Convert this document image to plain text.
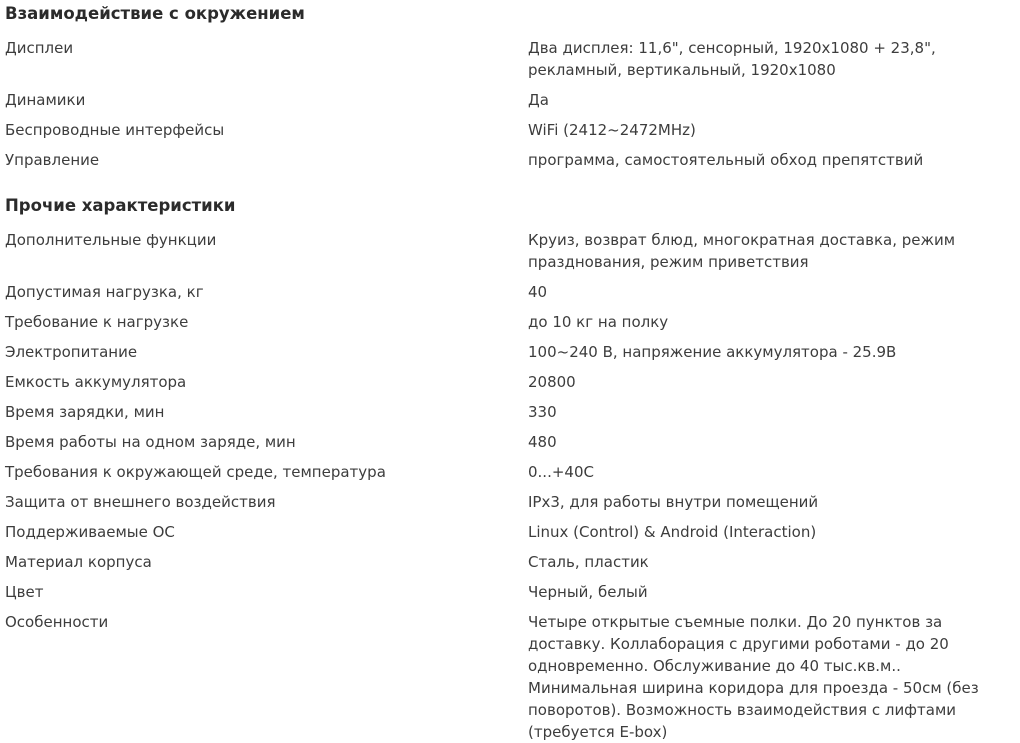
Взаимодействие с окружением
Дисплеи	Два дисплея: 11,6", сенсорный, 1920x1080 + 23,8", рекламный, вертикальный, 1920x1080
Динамики	Да
Беспроводные интерфейсы	WiFi (2412~2472MHz)
Управление	программа, самостоятельный обход препятствий
Прочие характеристики
Дополнительные функции	Круиз, возврат блюд, многократная доставка, режим празднования, режим приветствия
Допустимая нагрузка, кг	40
Требование к нагрузке	до 10 кг на полку
Электропитание	100~240 В, напряжение аккумулятора - 25.9В
Емкость аккумулятора	20800
Время зарядки, мин	330
Время работы на одном заряде, мин	480
Требования к окружающей среде, температура	0...+40С
Защита от внешнего воздействия	IPx3, для работы внутри помещений
Поддерживаемые ОС	Linux (Control) & Android (Interaction)
Материал корпуса	Сталь, пластик
Цвет	Черный, белый
Особенности	Четыре открытые съемные полки. До 20 пунктов за доставку. Коллаборация с другими роботами - до 20 одновременно. Обслуживание до 40 тыс.кв.м.. Минимальная ширина коридора для проезда - 50см (без поворотов). Возможность взаимодействия с лифтами (требуется E-box)
